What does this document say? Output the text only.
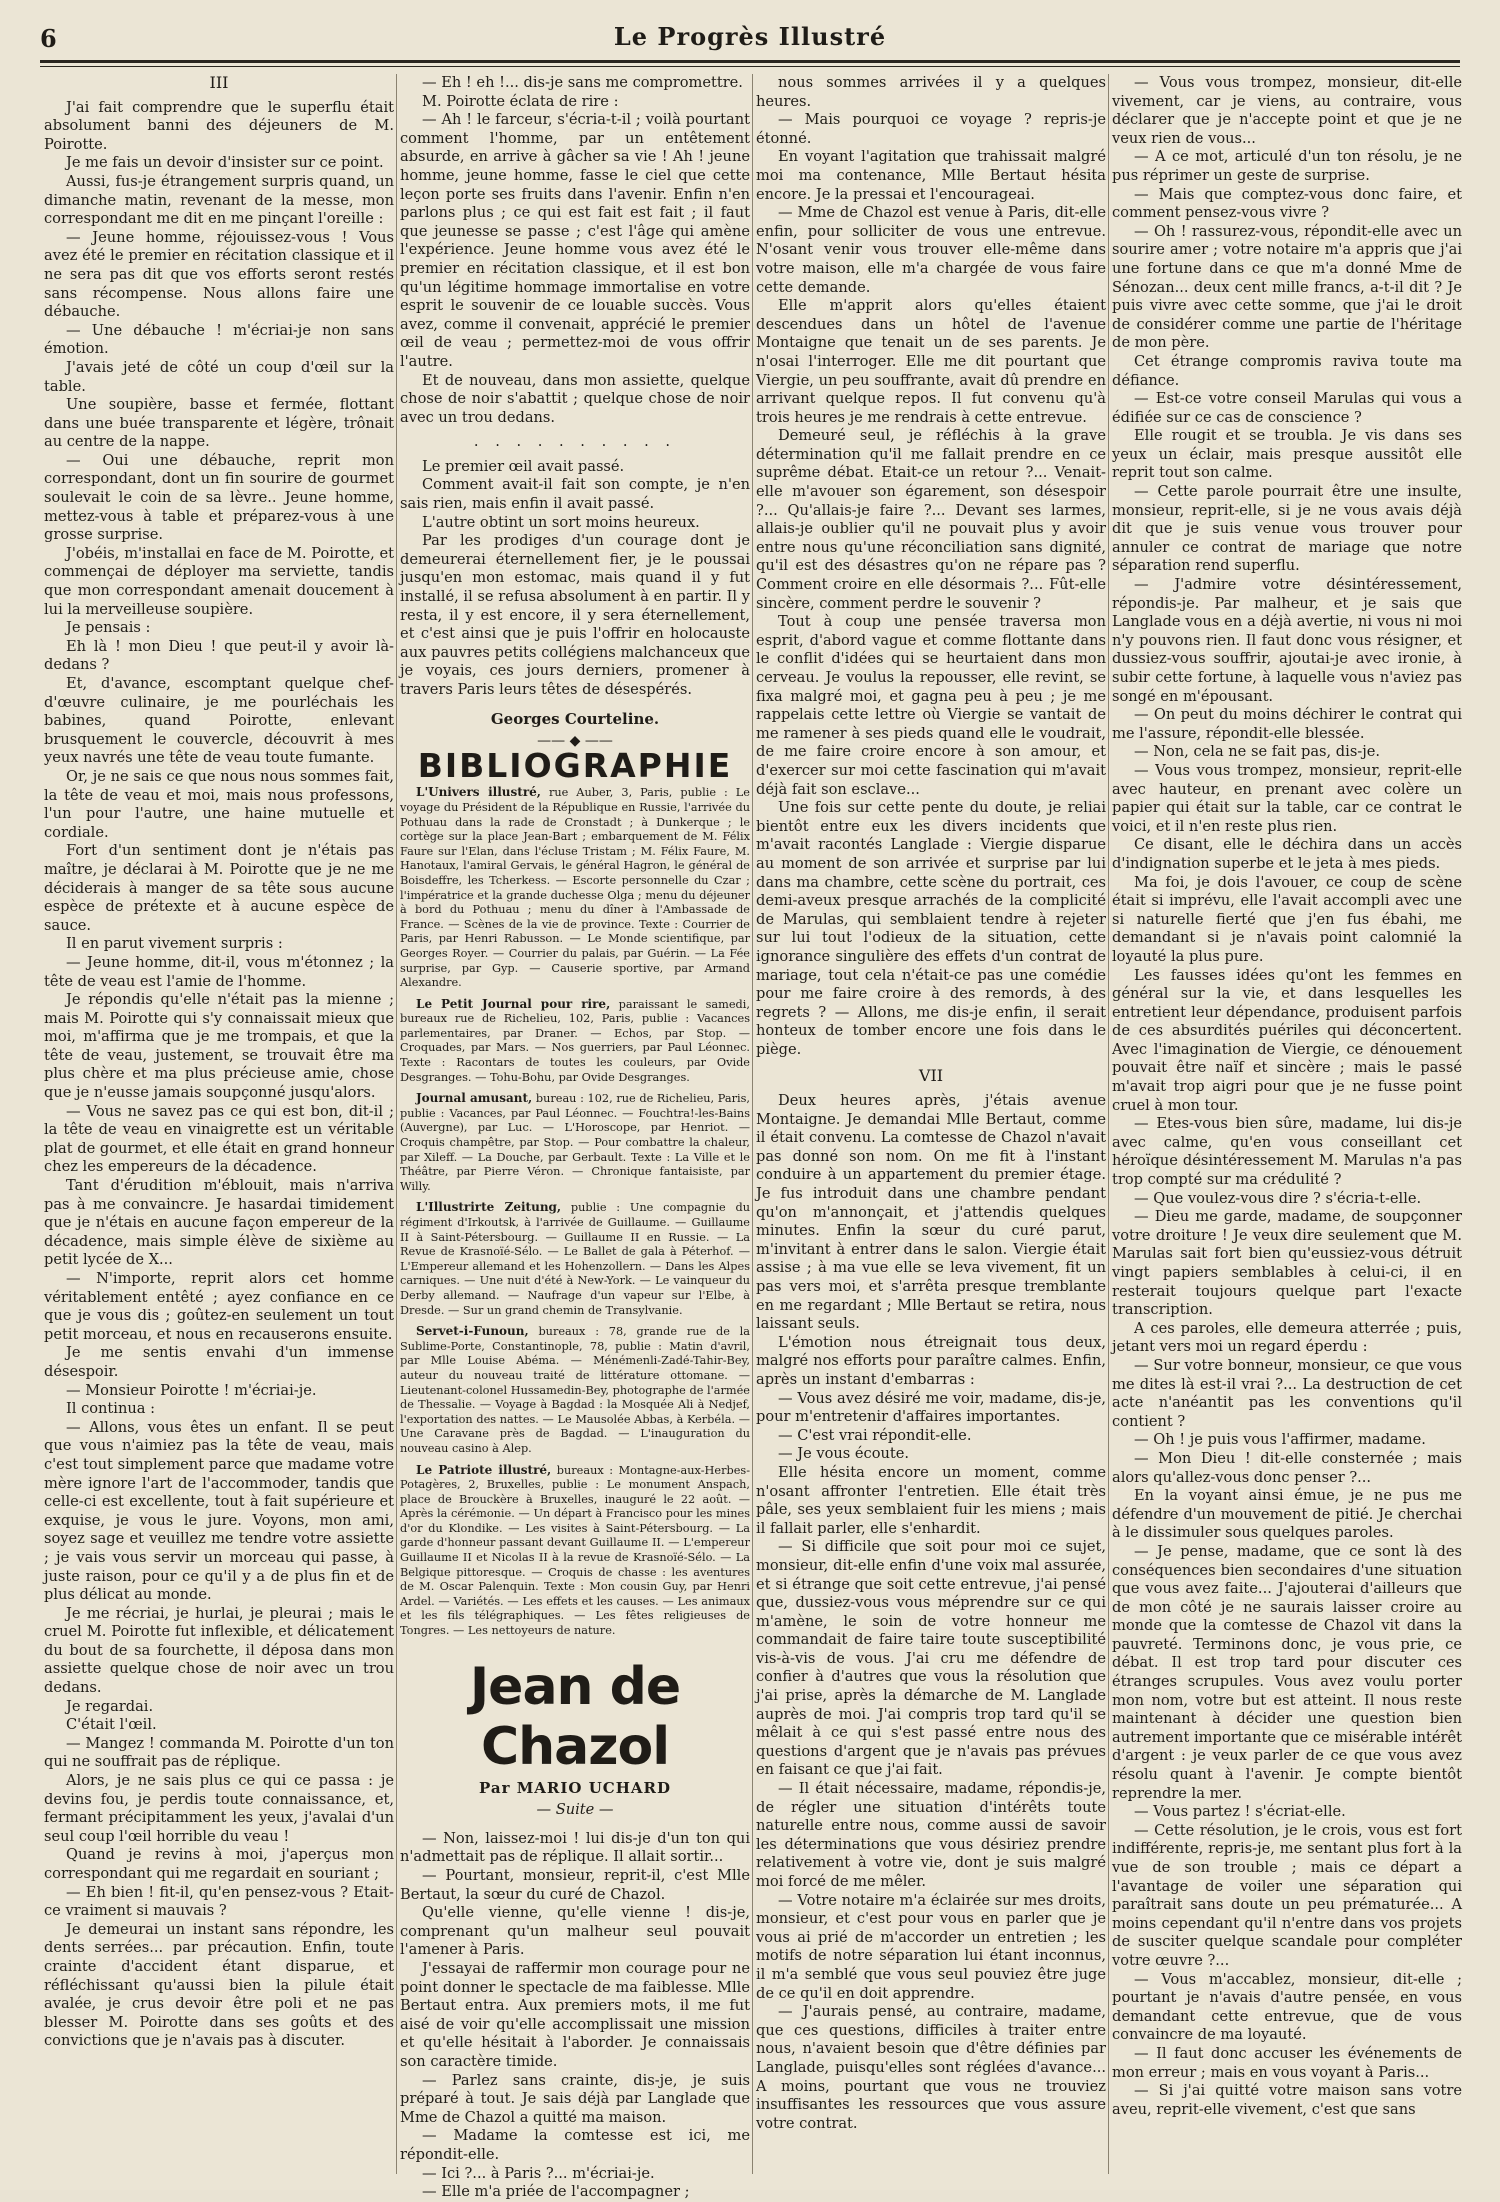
6	Le Progrès Illustré
III

J'ai fait comprendre que le superflu était absolument banni des déjeuners de M. Poirotte.

Je me fais un devoir d'insister sur ce point.

Aussi, fus-je étrangement surpris quand, un dimanche matin, revenant de la messe, mon correspondant me dit en me pinçant l'oreille :

— Jeune homme, réjouissez-vous ! Vous avez été le premier en récitation classique et il ne sera pas dit que vos efforts seront restés sans récompense. Nous allons faire une débauche.

— Une débauche ! m'écriai-je non sans émotion.

J'avais jeté de côté un coup d'œil sur la table.

Une soupière, basse et fermée, flottant dans une buée transparente et légère, trônait au centre de la nappe.

— Oui une débauche, reprit mon correspondant, dont un fin sourire de gourmet soulevait le coin de sa lèvre.. Jeune homme, mettez-vous à table et préparez-vous à une grosse surprise.

J'obéis, m'installai en face de M. Poirotte, et commençai de déployer ma serviette, tandis que mon correspondant amenait doucement à lui la merveilleuse soupière.

Je pensais :

Eh là ! mon Dieu ! que peut-il y avoir là-dedans ?

Et, d'avance, escomptant quelque chef-d'œuvre culinaire, je me pourléchais les babines, quand Poirotte, enlevant brusquement le couvercle, découvrit à mes yeux navrés une tête de veau toute fumante.

Or, je ne sais ce que nous nous sommes fait, la tête de veau et moi, mais nous professons, l'un pour l'autre, une haine mutuelle et cordiale.

Fort d'un sentiment dont je n'étais pas maître, je déclarai à M. Poirotte que je ne me déciderais à manger de sa tête sous aucune espèce de prétexte et à aucune espèce de sauce.

Il en parut vivement surpris :

— Jeune homme, dit-il, vous m'étonnez ; la tête de veau est l'amie de l'homme.

Je répondis qu'elle n'était pas la mienne ; mais M. Poirotte qui s'y connaissait mieux que moi, m'affirma que je me trompais, et que la tête de veau, justement, se trouvait être ma plus chère et ma plus précieuse amie, chose que je n'eusse jamais soupçonné jusqu'alors.

— Vous ne savez pas ce qui est bon, dit-il ; la tête de veau en vinaigrette est un véritable plat de gourmet, et elle était en grand honneur chez les empereurs de la décadence.

Tant d'érudition m'éblouit, mais n'arriva pas à me convaincre. Je hasardai timidement que je n'étais en aucune façon empereur de la décadence, mais simple élève de sixième au petit lycée de X...

— N'importe, reprit alors cet homme véritablement entêté ; ayez confiance en ce que je vous dis ; goûtez-en seulement un tout petit morceau, et nous en recauserons ensuite.

Je me sentis envahi d'un immense désespoir.

— Monsieur Poirotte ! m'écriai-je.

Il continua :

— Allons, vous êtes un enfant. Il se peut que vous n'aimiez pas la tête de veau, mais c'est tout simplement parce que madame votre mère ignore l'art de l'accommoder, tandis que celle-ci est excellente, tout à fait supérieure et exquise, je vous le jure. Voyons, mon ami, soyez sage et veuillez me tendre votre assiette ; je vais vous servir un morceau qui passe, à juste raison, pour ce qu'il y a de plus fin et de plus délicat au monde.

Je me récriai, je hurlai, je pleurai ; mais le cruel M. Poirotte fut inflexible, et délicatement du bout de sa fourchette, il déposa dans mon assiette quelque chose de noir avec un trou dedans.

Je regardai.

C'était l'œil.

— Mangez ! commanda M. Poirotte d'un ton qui ne souffrait pas de réplique.

Alors, je ne sais plus ce qui ce passa : je devins fou, je perdis toute connaissance, et, fermant précipitamment les yeux, j'avalai d'un seul coup l'œil horrible du veau !

Quand je revins à moi, j'aperçus mon correspondant qui me regardait en souriant ;

— Eh bien ! fit-il, qu'en pensez-vous ? Etait-ce vraiment si mauvais ?

Je demeurai un instant sans répondre, les dents serrées... par précaution. Enfin, toute crainte d'accident étant disparue, et réfléchissant qu'aussi bien la pilule était avalée, je crus devoir être poli et ne pas blesser M. Poirotte dans ses goûts et des convictions que je n'avais pas à discuter.

— Eh ! eh !... dis-je sans me compromettre.

M. Poirotte éclata de rire :

— Ah ! le farceur, s'écria-t-il ; voilà pourtant comment l'homme, par un entêtement absurde, en arrive à gâcher sa vie ! Ah ! jeune homme, jeune homme, fasse le ciel que cette leçon porte ses fruits dans l'avenir. Enfin n'en parlons plus ; ce qui est fait est fait ; il faut que jeunesse se passe ; c'est l'âge qui amène l'expérience. Jeune homme vous avez été le premier en récitation classique, et il est bon qu'un légitime hommage immortalise en votre esprit le souvenir de ce louable succès. Vous avez, comme il convenait, apprécié le premier œil de veau ; permettez-moi de vous offrir l'autre.

Et de nouveau, dans mon assiette, quelque chose de noir s'abattit ; quelque chose de noir avec un trou dedans.

. . . . . . . . . .

Le premier œil avait passé.

Comment avait-il fait son compte, je n'en sais rien, mais enfin il avait passé.

L'autre obtint un sort moins heureux.

Par les prodiges d'un courage dont je demeurerai éternellement fier, je le poussai jusqu'en mon estomac, mais quand il y fut installé, il se refusa absolument à en partir. Il y resta, il y est encore, il y sera éternellement, et c'est ainsi que je puis l'offrir en holocauste aux pauvres petits collégiens malchanceux que je voyais, ces jours derniers, promener à travers Paris leurs têtes de désespérés.

Georges Courteline.
—— ◆ ——
BIBLIOGRAPHIE
L'Univers illustré, rue Auber, 3, Paris, publie : Le voyage du Président de la République en Russie, l'arrivée du Pothuau dans la rade de Cronstadt ; à Dunkerque ; le cortège sur la place Jean-Bart ; embarquement de M. Félix Faure sur l'Elan, dans l'écluse Tristam ; M. Félix Faure, M. Hanotaux, l'amiral Gervais, le général Hagron, le général de Boisdeffre, les Tcherkess. — Escorte personnelle du Czar ; l'impératrice et la grande duchesse Olga ; menu du déjeuner à bord du Pothuau ; menu du dîner à l'Ambassade de France. — Scènes de la vie de province. Texte : Courrier de Paris, par Henri Rabusson. — Le Monde scientifique, par Georges Royer. — Courrier du palais, par Guérin. — La Fée surprise, par Gyp. — Causerie sportive, par Armand Alexandre.
Le Petit Journal pour rire, paraissant le samedi, bureaux rue de Richelieu, 102, Paris, publie : Vacances parlementaires, par Draner. — Echos, par Stop. — Croquades, par Mars. — Nos guerriers, par Paul Léonnec. Texte : Racontars de toutes les couleurs, par Ovide Desgranges. — Tohu-Bohu, par Ovide Desgranges.
Journal amusant, bureau : 102, rue de Richelieu, Paris, publie : Vacances, par Paul Léonnec. — Fouchtra!-les-Bains (Auvergne), par Luc. — L'Horoscope, par Henriot. — Croquis champêtre, par Stop. — Pour combattre la chaleur, par Xileff. — La Douche, par Gerbault. Texte : La Ville et le Théâtre, par Pierre Véron. — Chronique fantaisiste, par Willy.
L'Illustrirte Zeitung, publie : Une compagnie du régiment d'Irkoutsk, à l'arrivée de Guillaume. — Guillaume II à Saint-Pétersbourg. — Guillaume II en Russie. — La Revue de Krasnoïé-Sélo. — Le Ballet de gala à Péterhof. — L'Empereur allemand et les Hohenzollern. — Dans les Alpes carniques. — Une nuit d'été à New-York. — Le vainqueur du Derby allemand. — Naufrage d'un vapeur sur l'Elbe, à Dresde. — Sur un grand chemin de Transylvanie.
Servet-i-Funoun, bureaux : 78, grande rue de la Sublime-Porte, Constantinople, 78, publie : Matin d'avril, par Mlle Louise Abéma. — Ménémenli-Zadé-Tahir-Bey, auteur du nouveau traité de littérature ottomane. — Lieutenant-colonel Hussamedin-Bey, photographe de l'armée de Thessalie. — Voyage à Bagdad : la Mosquée Ali à Nedjef, l'exportation des nattes. — Le Mausolée Abbas, à Kerbéla. — Une Caravane près de Bagdad. — L'inauguration du nouveau casino à Alep.
Le Patriote illustré, bureaux : Montagne-aux-Herbes-Potagères, 2, Bruxelles, publie : Le monument Anspach, place de Brouckère à Bruxelles, inauguré le 22 août. — Après la cérémonie. — Un départ à Francisco pour les mines d'or du Klondike. — Les visites à Saint-Pétersbourg. — La garde d'honneur passant devant Guillaume II. — L'empereur Guillaume II et Nicolas II à la revue de Krasnoïé-Sélo. — La Belgique pittoresque. — Croquis de chasse : les aventures de M. Oscar Palenquin. Texte : Mon cousin Guy, par Henri Ardel. — Variétés. — Les effets et les causes. — Les animaux et les fils télégraphiques. — Les fêtes religieuses de Tongres. — Les nettoyeurs de nature.
Jean de Chazol
Par MARIO UCHARD
— Suite —

— Non, laissez-moi ! lui dis-je d'un ton qui n'admettait pas de réplique. Il allait sortir...

— Pourtant, monsieur, reprit-il, c'est Mlle Bertaut, la sœur du curé de Chazol.

Qu'elle vienne, qu'elle vienne ! dis-je, comprenant qu'un malheur seul pouvait l'amener à Paris.

J'essayai de raffermir mon courage pour ne point donner le spectacle de ma faiblesse. Mlle Bertaut entra. Aux premiers mots, il me fut aisé de voir qu'elle accomplissait une mission et qu'elle hésitait à l'aborder. Je connaissais son caractère timide.

— Parlez sans crainte, dis-je, je suis préparé à tout. Je sais déjà par Langlade que Mme de Chazol a quitté ma maison.

— Madame la comtesse est ici, me répondit-elle.

— Ici ?... à Paris ?... m'écriai-je.

— Elle m'a priée de l'accompagner ;

nous sommes arrivées il y a quelques heures.

— Mais pourquoi ce voyage ? repris-je étonné.

En voyant l'agitation que trahissait malgré moi ma contenance, Mlle Bertaut hésita encore. Je la pressai et l'encourageai.

— Mme de Chazol est venue à Paris, dit-elle enfin, pour solliciter de vous une entrevue. N'osant venir vous trouver elle-même dans votre maison, elle m'a chargée de vous faire cette demande.

Elle m'apprit alors qu'elles étaient descendues dans un hôtel de l'avenue Montaigne que tenait un de ses parents. Je n'osai l'interroger. Elle me dit pourtant que Viergie, un peu souffrante, avait dû prendre en arrivant quelque repos. Il fut convenu qu'à trois heures je me rendrais à cette entrevue.

Demeuré seul, je réfléchis à la grave détermination qu'il me fallait prendre en ce suprême débat. Etait-ce un retour ?... Venait-elle m'avouer son égarement, son désespoir ?... Qu'allais-je faire ?... Devant ses larmes, allais-je oublier qu'il ne pouvait plus y avoir entre nous qu'une réconciliation sans dignité, qu'il est des désastres qu'on ne répare pas ? Comment croire en elle désormais ?... Fût-elle sincère, comment perdre le souvenir ?

Tout à coup une pensée traversa mon esprit, d'abord vague et comme flottante dans le conflit d'idées qui se heurtaient dans mon cerveau. Je voulus la repousser, elle revint, se fixa malgré moi, et gagna peu à peu ; je me rappelais cette lettre où Viergie se vantait de me ramener à ses pieds quand elle le voudrait, de me faire croire encore à son amour, et d'exercer sur moi cette fascination qui m'avait déjà fait son esclave...

Une fois sur cette pente du doute, je reliai bientôt entre eux les divers incidents que m'avait racontés Langlade : Viergie disparue au moment de son arrivée et surprise par lui dans ma chambre, cette scène du portrait, ces demi-aveux presque arrachés de la complicité de Marulas, qui semblaient tendre à rejeter sur lui tout l'odieux de la situation, cette ignorance singulière des effets d'un contrat de mariage, tout cela n'était-ce pas une comédie pour me faire croire à des remords, à des regrets ? — Allons, me dis-je enfin, il serait honteux de tomber encore une fois dans le piège.

VII

Deux heures après, j'étais avenue Montaigne. Je demandai Mlle Bertaut, comme il était convenu. La comtesse de Chazol n'avait pas donné son nom. On me fit à l'instant conduire à un appartement du premier étage. Je fus introduit dans une chambre pendant qu'on m'annonçait, et j'attendis quelques minutes. Enfin la sœur du curé parut, m'invitant à entrer dans le salon. Viergie était assise ; à ma vue elle se leva vivement, fit un pas vers moi, et s'arrêta presque tremblante en me regardant ; Mlle Bertaut se retira, nous laissant seuls.

L'émotion nous étreignait tous deux, malgré nos efforts pour paraître calmes. Enfin, après un instant d'embarras :

— Vous avez désiré me voir, madame, dis-je, pour m'entretenir d'affaires importantes.

— C'est vrai répondit-elle.

— Je vous écoute.

Elle hésita encore un moment, comme n'osant affronter l'entretien. Elle était très pâle, ses yeux semblaient fuir les miens ; mais il fallait parler, elle s'enhardit.

— Si difficile que soit pour moi ce sujet, monsieur, dit-elle enfin d'une voix mal assurée, et si étrange que soit cette entrevue, j'ai pensé que, dussiez-vous vous méprendre sur ce qui m'amène, le soin de votre honneur me commandait de faire taire toute susceptibilité vis-à-vis de vous. J'ai cru me défendre de confier à d'autres que vous la résolution que j'ai prise, après la démarche de M. Langlade auprès de moi. J'ai compris trop tard qu'il se mêlait à ce qui s'est passé entre nous des questions d'argent que je n'avais pas prévues en faisant ce que j'ai fait.

— Il était nécessaire, madame, répondis-je, de régler une situation d'intérêts toute naturelle entre nous, comme aussi de savoir les déterminations que vous désiriez prendre relativement à votre vie, dont je suis malgré moi forcé de me mêler.

— Votre notaire m'a éclairée sur mes droits, monsieur, et c'est pour vous en parler que je vous ai prié de m'accorder un entretien ; les motifs de notre séparation lui étant inconnus, il m'a semblé que vous seul pouviez être juge de ce qu'il en doit apprendre.

— J'aurais pensé, au contraire, madame, que ces questions, difficiles à traiter entre nous, n'avaient besoin que d'être définies par Langlade, puisqu'elles sont réglées d'avance... A moins, pourtant que vous ne trouviez insuffisantes les ressources que vous assure votre contrat.

— Vous vous trompez, monsieur, dit-elle vivement, car je viens, au contraire, vous déclarer que je n'accepte point et que je ne veux rien de vous...

— A ce mot, articulé d'un ton résolu, je ne pus réprimer un geste de surprise.

— Mais que comptez-vous donc faire, et comment pensez-vous vivre ?

— Oh ! rassurez-vous, répondit-elle avec un sourire amer ; votre notaire m'a appris que j'ai une fortune dans ce que m'a donné Mme de Sénozan... deux cent mille francs, a-t-il dit ? Je puis vivre avec cette somme, que j'ai le droit de considérer comme une partie de l'héritage de mon père.

Cet étrange compromis raviva toute ma défiance.

— Est-ce votre conseil Marulas qui vous a édifiée sur ce cas de conscience ?

Elle rougit et se troubla. Je vis dans ses yeux un éclair, mais presque aussitôt elle reprit tout son calme.

— Cette parole pourrait être une insulte, monsieur, reprit-elle, si je ne vous avais déjà dit que je suis venue vous trouver pour annuler ce contrat de mariage que notre séparation rend superflu.

— J'admire votre désintéressement, répondis-je. Par malheur, et je sais que Langlade vous en a déjà avertie, ni vous ni moi n'y pouvons rien. Il faut donc vous résigner, et dussiez-vous souffrir, ajoutai-je avec ironie, à subir cette fortune, à laquelle vous n'aviez pas songé en m'épousant.

— On peut du moins déchirer le contrat qui me l'assure, répondit-elle blessée.

— Non, cela ne se fait pas, dis-je.

— Vous vous trompez, monsieur, reprit-elle avec hauteur, en prenant avec colère un papier qui était sur la table, car ce contrat le voici, et il n'en reste plus rien.

Ce disant, elle le déchira dans un accès d'indignation superbe et le jeta à mes pieds.

Ma foi, je dois l'avouer, ce coup de scène était si imprévu, elle l'avait accompli avec une si naturelle fierté que j'en fus ébahi, me demandant si je n'avais point calomnié la loyauté la plus pure.

Les fausses idées qu'ont les femmes en général sur la vie, et dans lesquelles les entretient leur dépendance, produisent parfois de ces absurdités puériles qui déconcertent. Avec l'imagination de Viergie, ce dénouement pouvait être naïf et sincère ; mais le passé m'avait trop aigri pour que je ne fusse point cruel à mon tour.

— Etes-vous bien sûre, madame, lui dis-je avec calme, qu'en vous conseillant cet héroïque désintéressement M. Marulas n'a pas trop compté sur ma crédulité ?

— Que voulez-vous dire ? s'écria-t-elle.

— Dieu me garde, madame, de soupçonner votre droiture ! Je veux dire seulement que M. Marulas sait fort bien qu'eussiez-vous détruit vingt papiers semblables à celui-ci, il en resterait toujours quelque part l'exacte transcription.

A ces paroles, elle demeura atterrée ; puis, jetant vers moi un regard éperdu :

— Sur votre bonneur, monsieur, ce que vous me dites là est-il vrai ?... La destruction de cet acte n'anéantit pas les conventions qu'il contient ?

— Oh ! je puis vous l'affirmer, madame.

— Mon Dieu ! dit-elle consternée ; mais alors qu'allez-vous donc penser ?...

En la voyant ainsi émue, je ne pus me défendre d'un mouvement de pitié. Je cherchai à le dissimuler sous quelques paroles.

— Je pense, madame, que ce sont là des conséquences bien secondaires d'une situation que vous avez faite... J'ajouterai d'ailleurs que de mon côté je ne saurais laisser croire au monde que la comtesse de Chazol vit dans la pauvreté. Terminons donc, je vous prie, ce débat. Il est trop tard pour discuter ces étranges scrupules. Vous avez voulu porter mon nom, votre but est atteint. Il nous reste maintenant à décider une question bien autrement importante que ce misérable intérêt d'argent : je veux parler de ce que vous avez résolu quant à l'avenir. Je compte bientôt reprendre la mer.

— Vous partez ! s'écriat-elle.

— Cette résolution, je le crois, vous est fort indifférente, repris-je, me sentant plus fort à la vue de son trouble ; mais ce départ a l'avantage de voiler une séparation qui paraîtrait sans doute un peu prématurée... A moins cependant qu'il n'entre dans vos projets de susciter quelque scandale pour compléter votre œuvre ?...

— Vous m'accablez, monsieur, dit-elle ; pourtant je n'avais d'autre pensée, en vous demandant cette entrevue, que de vous convaincre de ma loyauté.

— Il faut donc accuser les événements de mon erreur ; mais en vous voyant à Paris...

— Si j'ai quitté votre maison sans votre aveu, reprit-elle vivement, c'est que sans
